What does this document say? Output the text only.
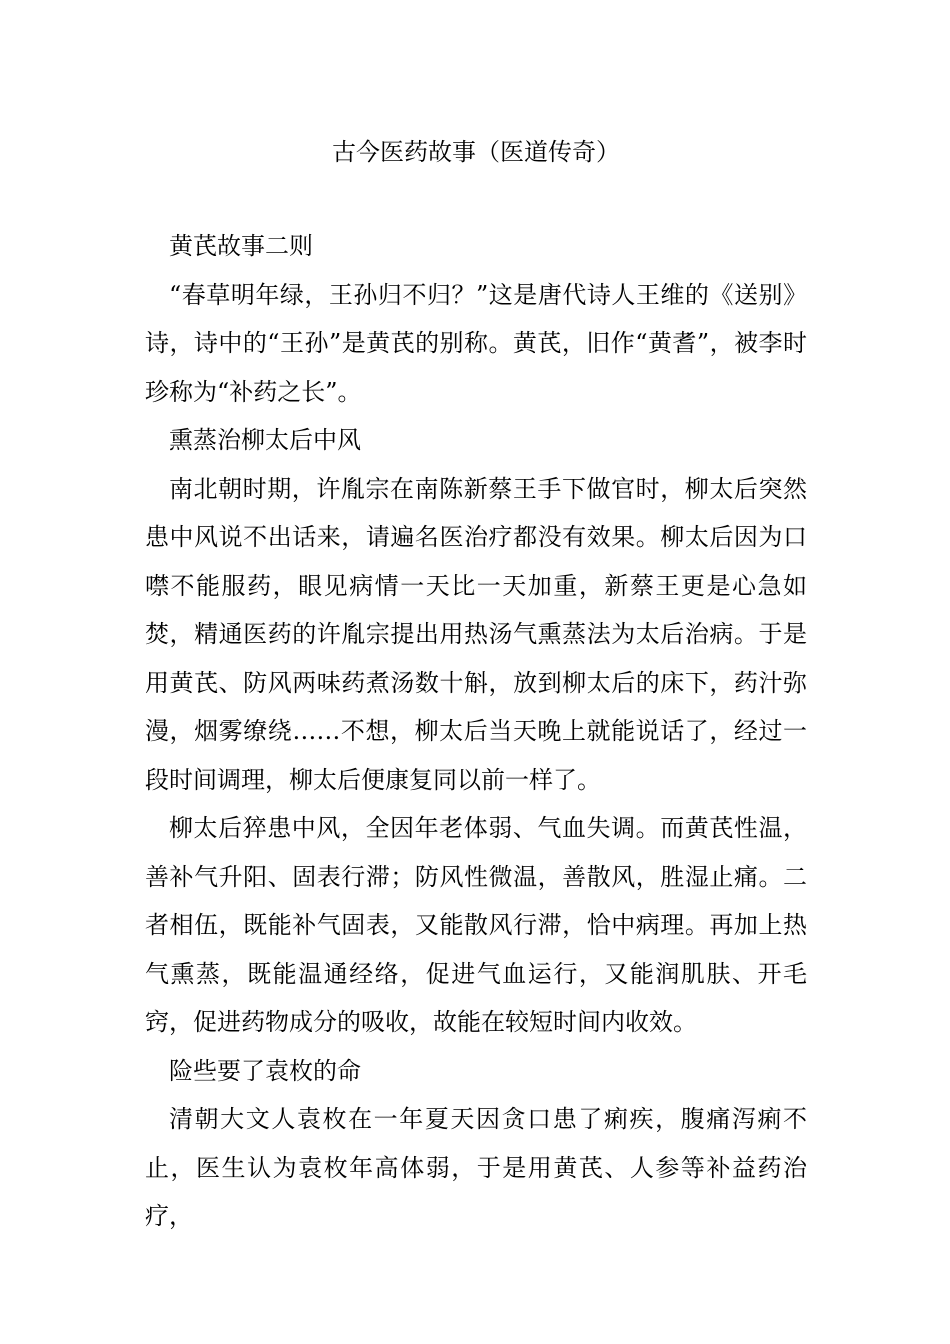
古今医药故事（医道传奇）

黄芪故事二则

“春草明年绿，王孙归不归？”这是唐代诗人王维的《送别》诗，诗中的“王孙”是黄芪的别称。黄芪，旧作“黄耆”，被李时珍称为“补药之长”。

熏蒸治柳太后中风

南北朝时期，许胤宗在南陈新蔡王手下做官时，柳太后突然患中风说不出话来，请遍名医治疗都没有效果。柳太后因为口噤不能服药，眼见病情一天比一天加重，新蔡王更是心急如焚，精通医药的许胤宗提出用热汤气熏蒸法为太后治病。于是用黄芪、防风两味药煮汤数十斛，放到柳太后的床下，药汁弥漫，烟雾缭绕……不想，柳太后当天晚上就能说话了，经过一段时间调理，柳太后便康复同以前一样了。

柳太后猝患中风，全因年老体弱、气血失调。而黄芪性温，善补气升阳、固表行滞；防风性微温，善散风，胜湿止痛。二者相伍，既能补气固表，又能散风行滞，恰中病理。再加上热气熏蒸，既能温通经络，促进气血运行，又能润肌肤、开毛窍，促进药物成分的吸收，故能在较短时间内收效。

险些要了袁枚的命

清朝大文人袁枚在一年夏天因贪口患了痢疾，腹痛泻痢不止，医生认为袁枚年高体弱，于是用黄芪、人参等补益药治疗，
